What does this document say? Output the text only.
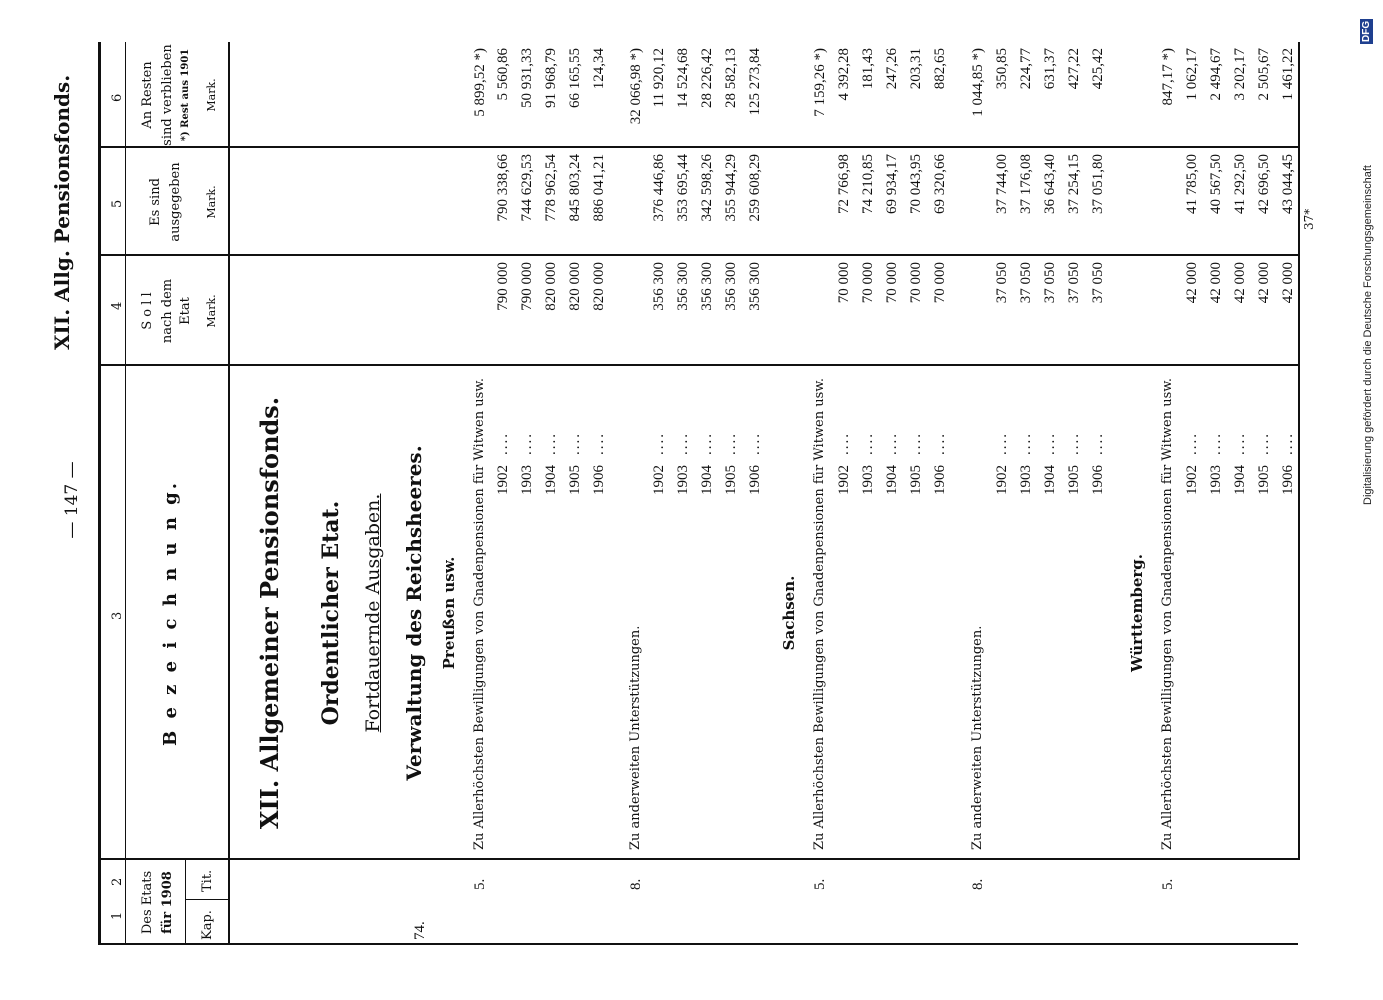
— 147 —
XII. Allg. Pensionsfonds.
1
2
3
4
5
6
Des Etats für 1908 Kap.
Tit.
B e z e i c h n u n g.
S o l l nach dem Etat Mark.
Es sind ausgegeben Mark.
An Resten sind verblieben *) Rest aus 1901 Mark.
XII. Allgemeiner Pensionsfonds. Ordentlicher Etat. Fortdauernde Ausgaben. Verwaltung des Reichsheeres.
74.
Preußen usw.
5.
Zu Allerhöchsten Bewilligungen von Gnadenpensionen für Witwen usw.
5 899,52 *)
1902
....
790 000
790 338,66
5 560,86
1903
....
790 000
744 629,53
50 931,33
1904
....
820 000
778 962,54
91 968,79
1905
....
820 000
845 803,24
66 165,55
1906
....
820 000
886 041,21
124,34
8.
Zu anderweiten Unterstützungen.
32 066,98 *)
1902
....
356 300
376 446,86
11 920,12
1903
....
356 300
353 695,44
14 524,68
1904
....
356 300
342 598,26
28 226,42
1905
....
356 300
355 944,29
28 582,13
1906
....
356 300
259 608,29
125 273,84
Sachsen.
5.
Zu Allerhöchsten Bewilligungen von Gnadenpensionen für Witwen usw.
7 159,26 *)
1902
....
70 000
72 766,98
4 392,28
1903
....
70 000
74 210,85
181,43
1904
....
70 000
69 934,17
247,26
1905
....
70 000
70 043,95
203,31
1906
....
70 000
69 320,66
882,65
8.
Zu anderweiten Unterstützungen.
1 044,85 *)
1902
....
37 050
37 744,00
350,85
1903
....
37 050
37 176,08
224,77
1904
....
37 050
36 643,40
631,37
1905
....
37 050
37 254,15
427,22
1906
....
37 050
37 051,80
425,42
Württemberg.
5.
Zu Allerhöchsten Bewilligungen von Gnadenpensionen für Witwen usw.
847,17 *)
1902
....
42 000
41 785,00
1 062,17
1903
....
42 000
40 567,50
2 494,67
1904
....
42 000
41 292,50
3 202,17
1905
....
42 000
42 696,50
2 505,67
1906
....
42 000
43 044,45
1 461,22
37*	Digitalisierung gefördert durch die Deutsche Forschungsgemeinschaft
DFG
